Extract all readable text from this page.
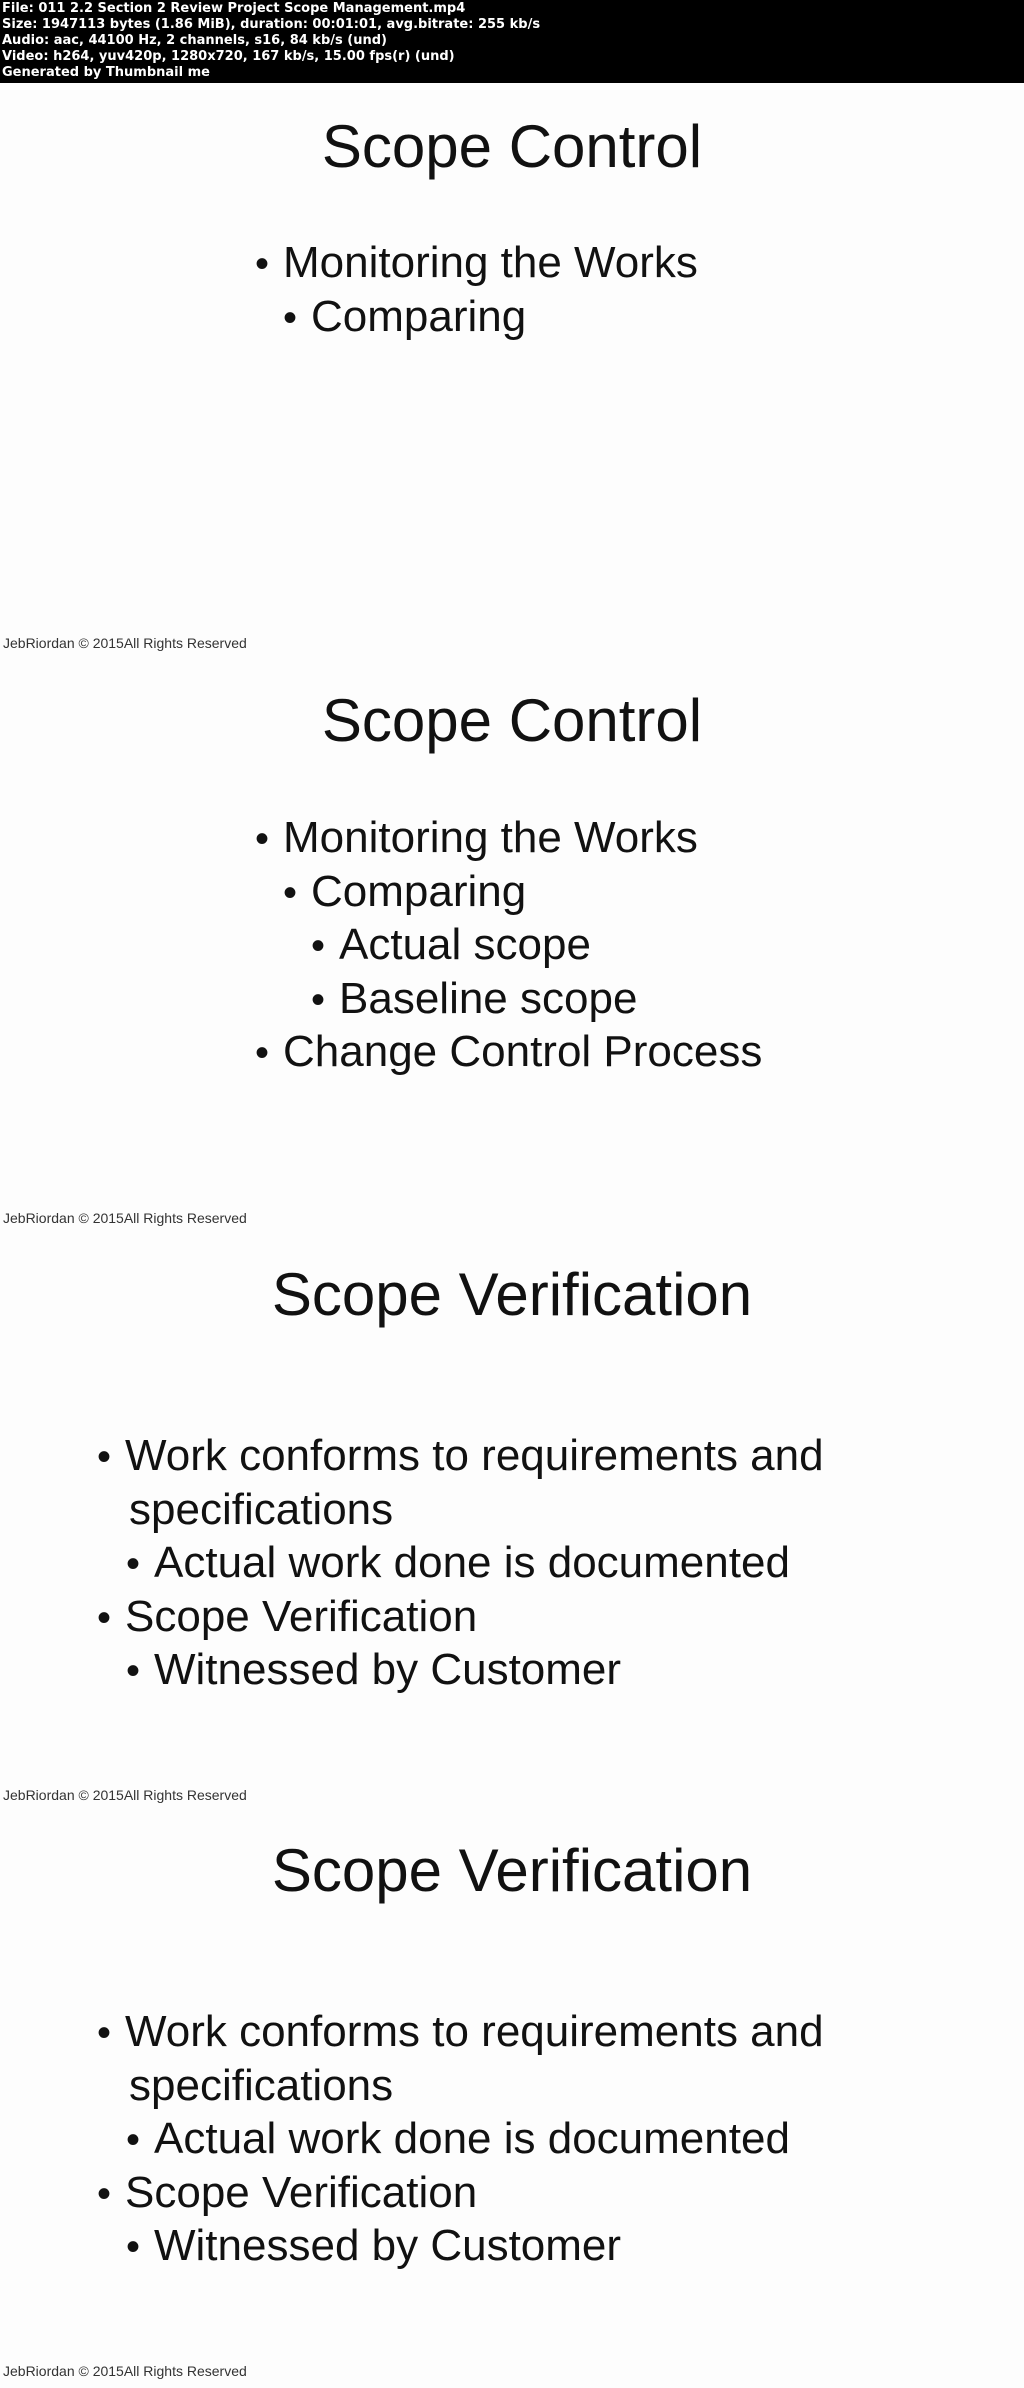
File: 011 2.2 Section 2 Review Project Scope Management.mp4
Size: 1947113 bytes (1.86 MiB), duration: 00:01:01, avg.bitrate: 255 kb/s
Audio: aac, 44100 Hz, 2 channels, s16, 84 kb/s (und)
Video: h264, yuv420p, 1280x720, 167 kb/s, 15.00 fps(r) (und)
Generated by Thumbnail me
Scope Control
• Monitoring the Works
• Comparing
JebRiordan © 2015All Rights Reserved
Scope Control
• Monitoring the Works
• Comparing
• Actual scope
• Baseline scope
• Change Control Process
JebRiordan © 2015All Rights Reserved
Scope Verification
• Work conforms to requirements and
specifications
• Actual work done is documented
• Scope Verification
• Witnessed by Customer
JebRiordan © 2015All Rights Reserved
Scope Verification
• Work conforms to requirements and
specifications
• Actual work done is documented
• Scope Verification
• Witnessed by Customer
JebRiordan © 2015All Rights Reserved
